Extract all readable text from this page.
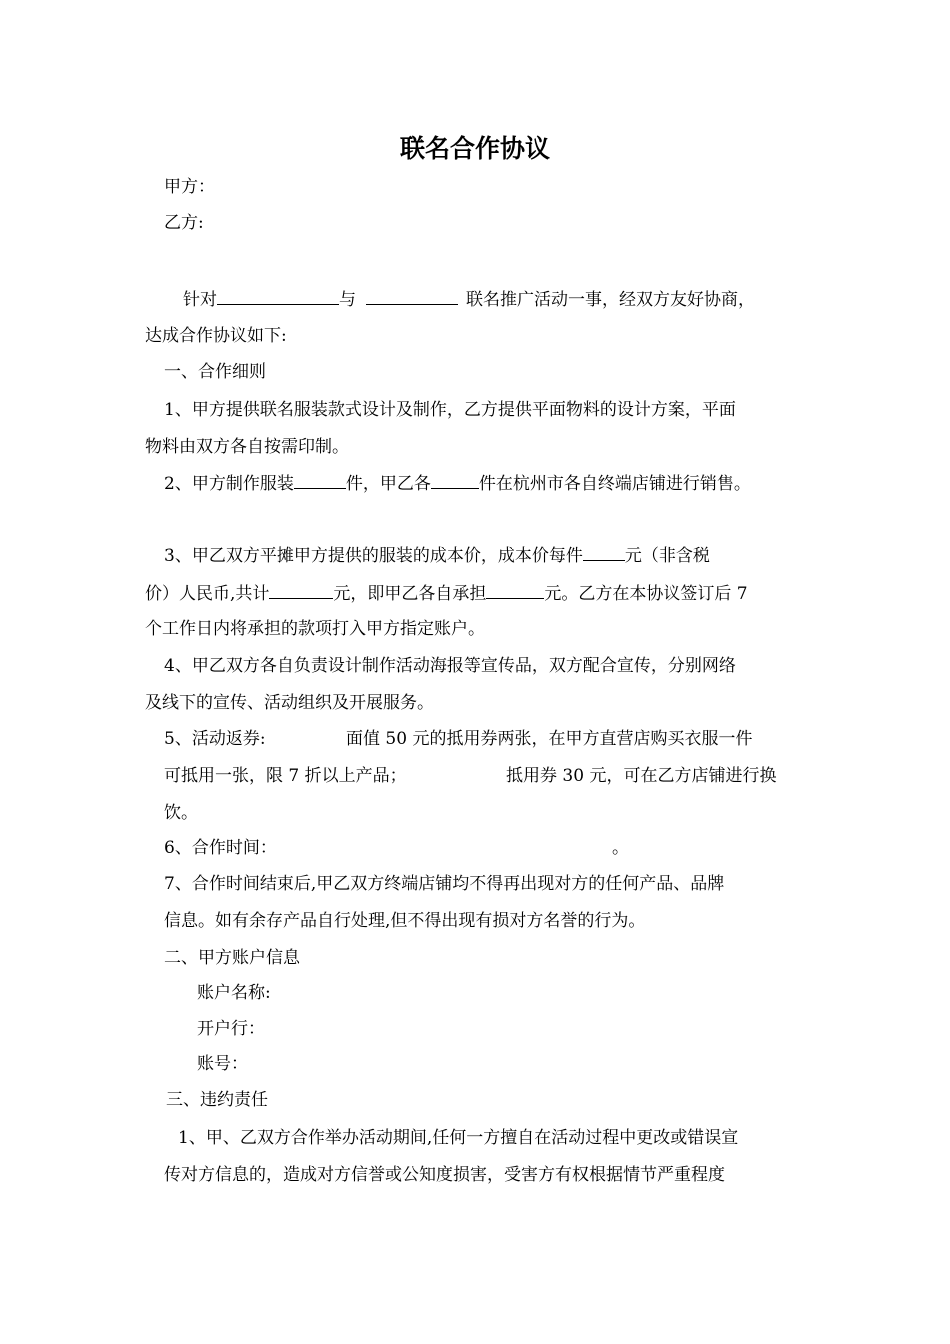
联名合作协议
甲方：
乙方:
针对	与	联名推广活动一事，经双方友好协商，
达成合作协议如下:
一、合作细则
1、甲方提供联名服装款式设计及制作，乙方提供平面物料的设计方案，平面
物料由双方各自按需印制。
2、甲方制作服装	件，甲乙各	件在杭州市各自终端店铺进行销售。
3、甲乙双方平摊甲方提供的服装的成本价，成本价每件 元（非含税
价）人民币,共计	元，即甲乙各自承担	元。乙方在本协议签订后 7
个工作日内将承担的款项打入甲方指定账户。
4、甲乙双方各自负责设计制作活动海报等宣传品，双方配合宣传，分别网络
及线下的宣传、活动组织及开展服务。
5、活动返券:	面值 50 元的抵用券两张，在甲方直营店购买衣服一件
可抵用一张，限 7 折以上产品；	抵用券 30 元，可在乙方店铺进行换
饮。
6、合作时间：	。
7、合作时间结束后,甲乙双方终端店铺均不得再出现对方的任何产品、品牌
信息。如有余存产品自行处理,但不得出现有损对方名誉的行为。
二、甲方账户信息
账户名称:
开户行：
账号：
三、违约责任
1、甲、乙双方合作举办活动期间,任何一方擅自在活动过程中更改或错误宣
传对方信息的，造成对方信誉或公知度损害，受害方有权根据情节严重程度
